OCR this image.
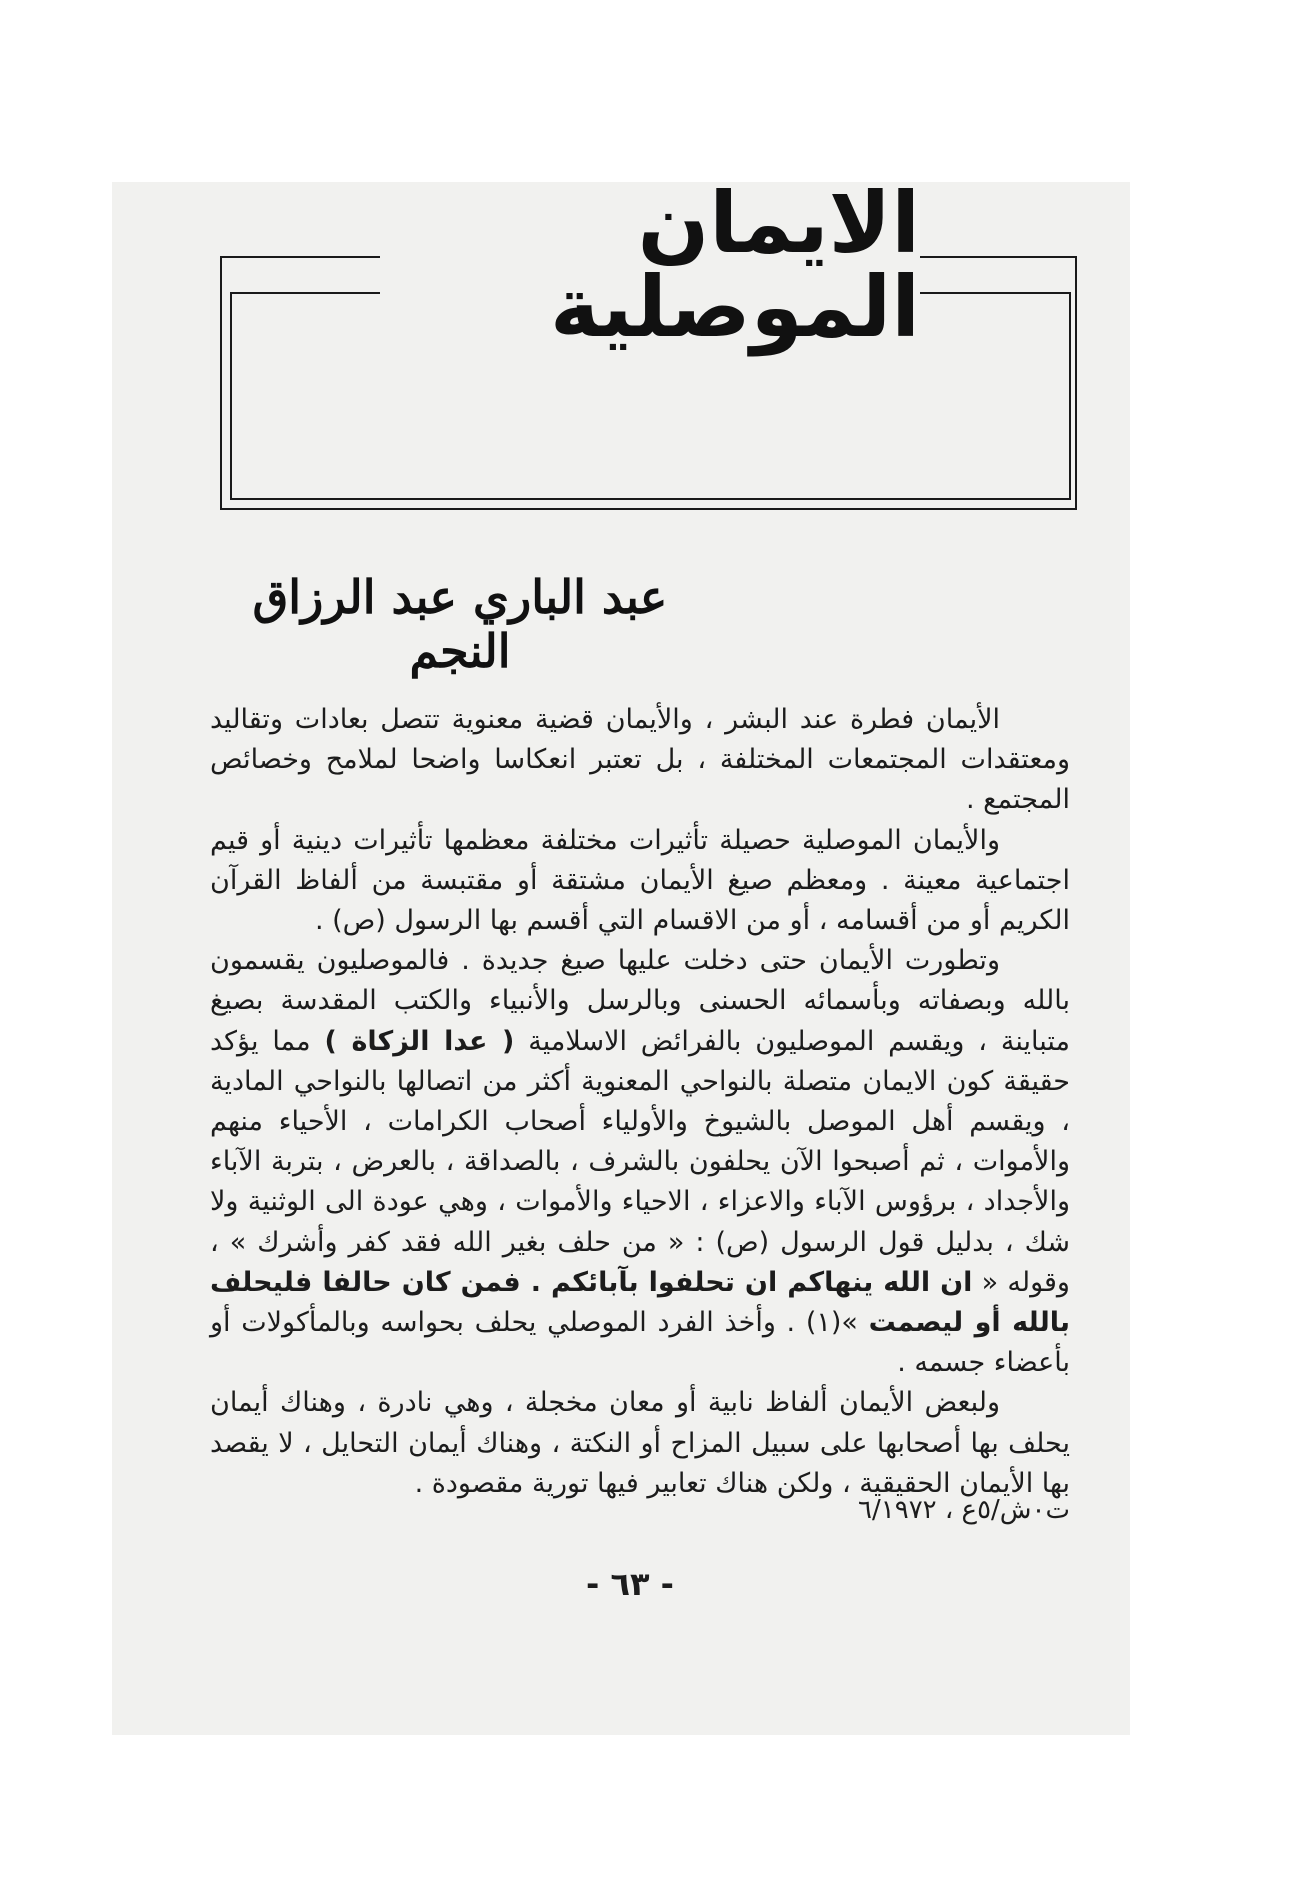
الايمان الموصلية
عبد الباري عبد الرزاق النجم

الأيمان فطرة عند البشر ، والأيمان قضية معنوية تتصل بعادات وتقاليد ومعتقدات المجتمعات المختلفة ، بل تعتبر انعكاسا واضحا لملامح وخصائص المجتمع .

والأيمان الموصلية حصيلة تأثيرات مختلفة معظمها تأثيرات دينية أو قيم اجتماعية معينة . ومعظم صيغ الأيمان مشتقة أو مقتبسة من ألفاظ القرآن الكريم أو من أقسامه ، أو من الاقسام التي أقسم بها الرسول (ص) .

وتطورت الأيمان حتى دخلت عليها صيغ جديدة . فالموصليون يقسمون بالله وبصفاته وبأسمائه الحسنى وبالرسل والأنبياء والكتب المقدسة بصيغ متباينة ، ويقسم الموصليون بالفرائض الاسلامية ( عدا الزكاة ) مما يؤكد حقيقة كون الايمان متصلة بالنواحي المعنوية أكثر من اتصالها بالنواحي المادية ، ويقسم أهل الموصل بالشيوخ والأولياء أصحاب الكرامات ، الأحياء منهم والأموات ، ثم أصبحوا الآن يحلفون بالشرف ، بالصداقة ، بالعرض ، بتربة الآباء والأجداد ، برؤوس الآباء والاعزاء ، الاحياء والأموات ، وهي عودة الى الوثنية ولا شك ، بدليل قول الرسول (ص) : « من حلف بغير الله فقد كفر وأشرك » ، وقوله « ان الله ينهاكم ان تحلفوا بآبائكم . فمن كان حالفا فليحلف بالله أو ليصمت »(١) . وأخذ الفرد الموصلي يحلف بحواسه وبالمأكولات أو بأعضاء جسمه .

ولبعض الأيمان ألفاظ نابية أو معان مخجلة ، وهي نادرة ، وهناك أيمان يحلف بها أصحابها على سبيل المزاح أو النكتة ، وهناك أيمان التحايل ، لا يقصد بها الأيمان الحقيقية ، ولكن هناك تعابير فيها تورية مقصودة .

ت٠ش/٥ع ، ٦/١٩٧٢
- ٦٣ -
